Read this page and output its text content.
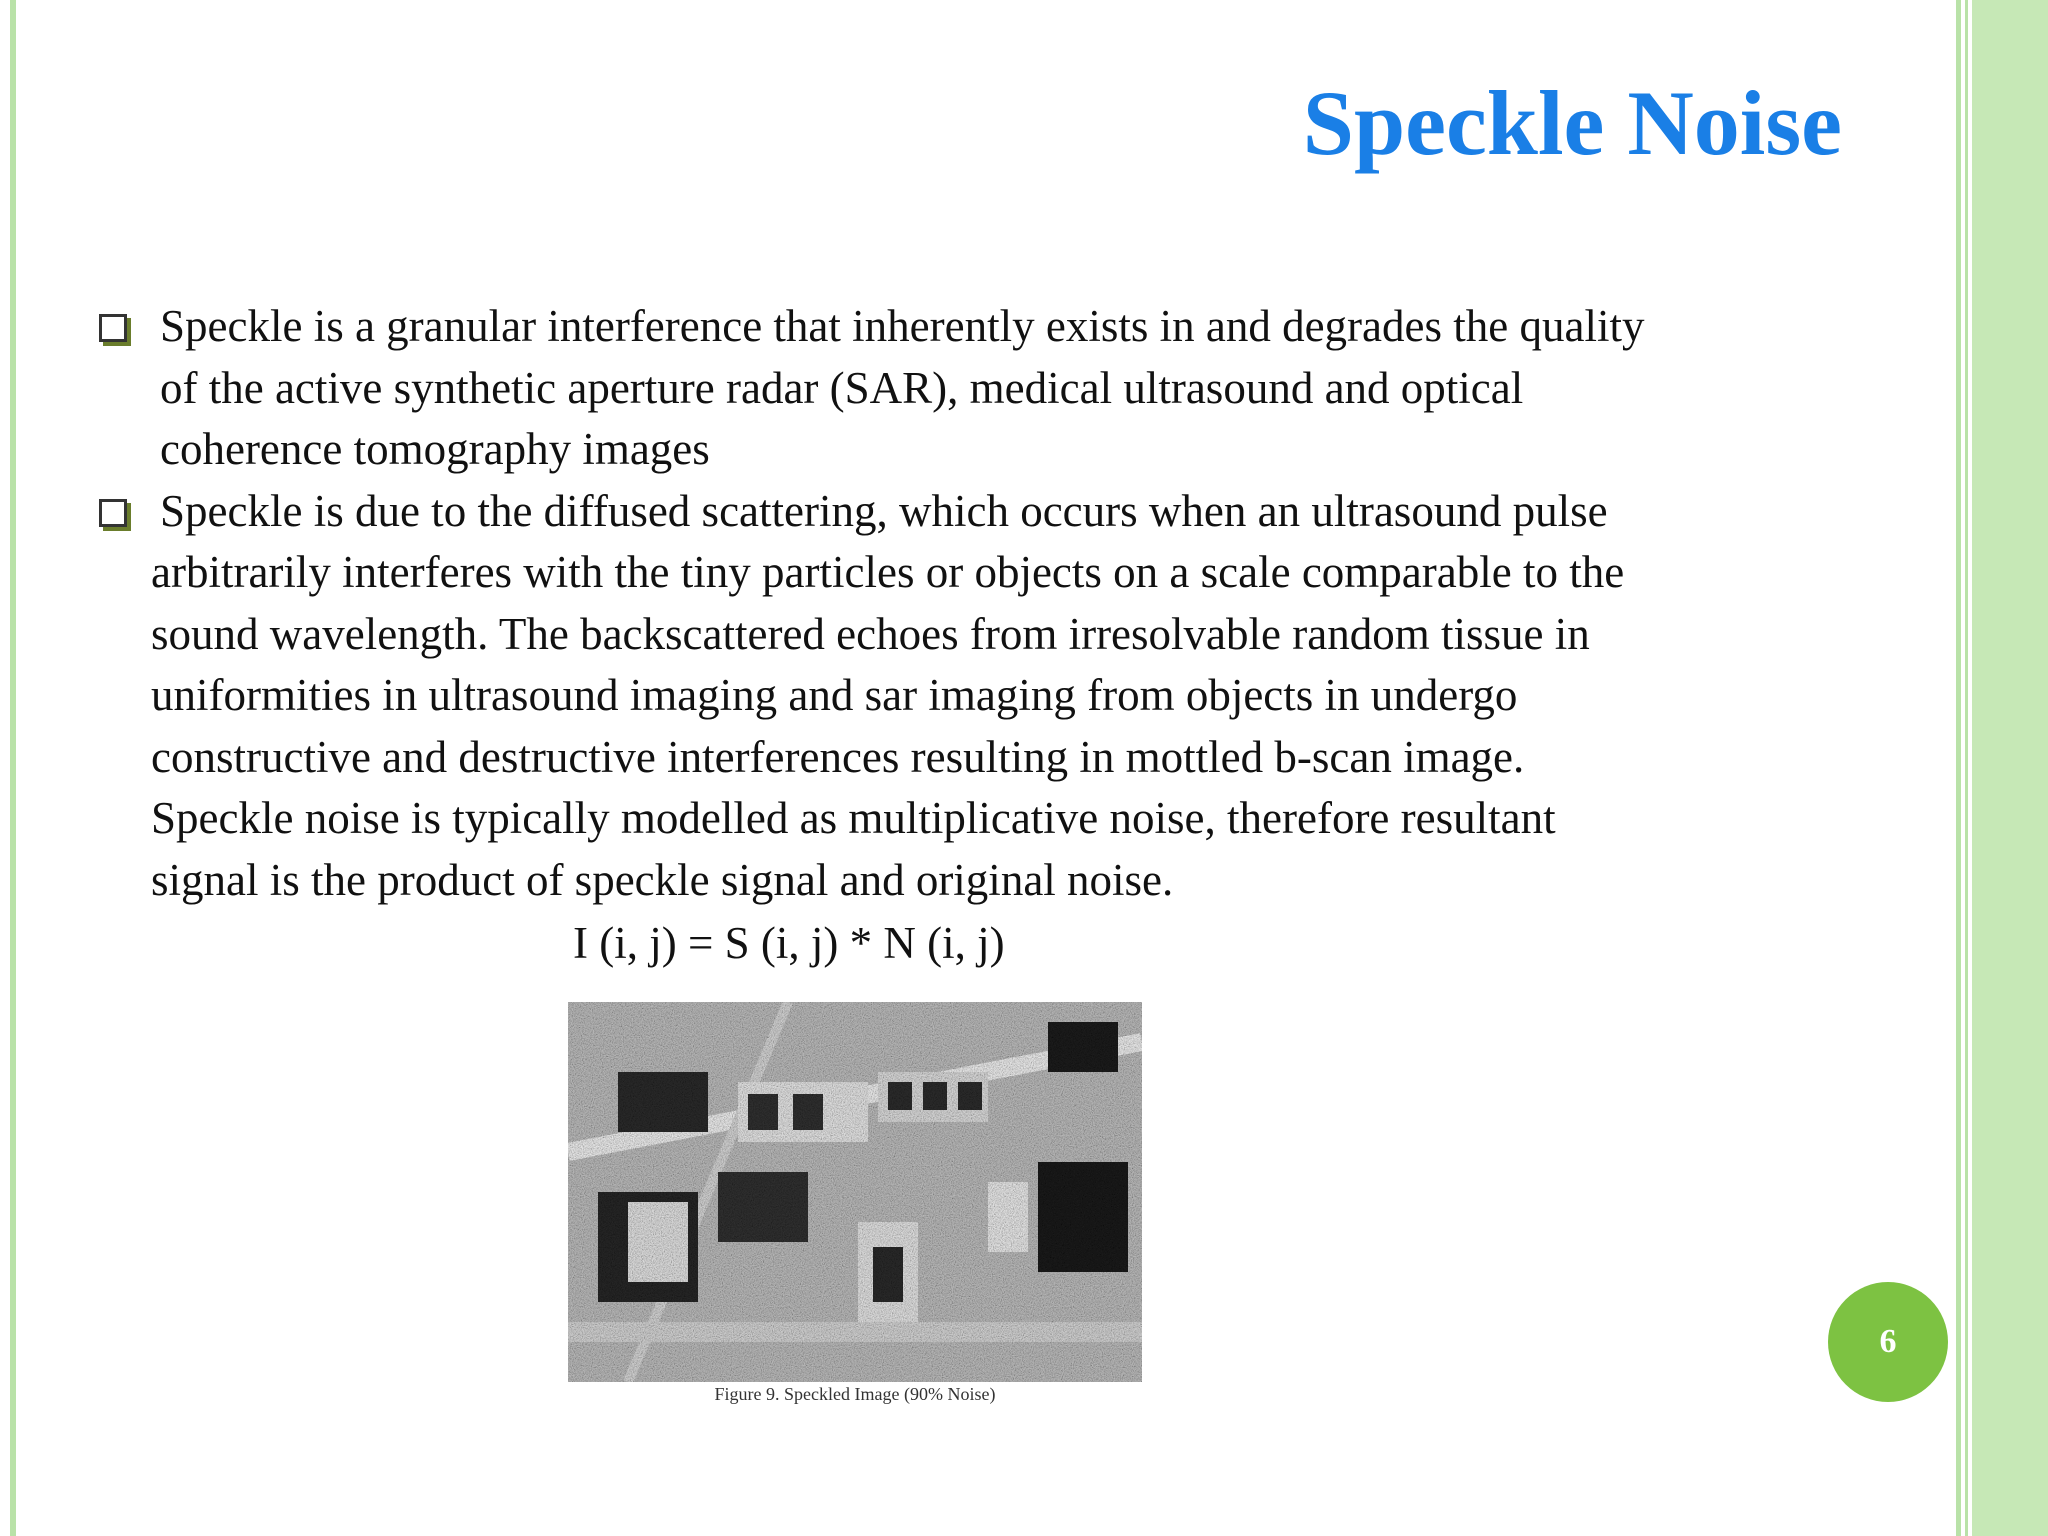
Speckle Noise
Speckle is a granular interference that inherently exists in and degrades the quality
of the active synthetic aperture radar (SAR), medical ultrasound and optical
coherence tomography images
Speckle is due to the diffused scattering, which occurs when an ultrasound pulse
arbitrarily interferes with the tiny particles or objects on a scale comparable to the
sound wavelength. The backscattered echoes from irresolvable random tissue in
uniformities in ultrasound imaging and sar imaging from objects in undergo
constructive and destructive interferences resulting in mottled b-scan image.
Speckle noise is typically modelled as multiplicative noise, therefore resultant
signal is the product of speckle signal and original noise.
I (i, j) = S (i, j) * N (i, j)
Figure 9. Speckled Image (90% Noise)
6
